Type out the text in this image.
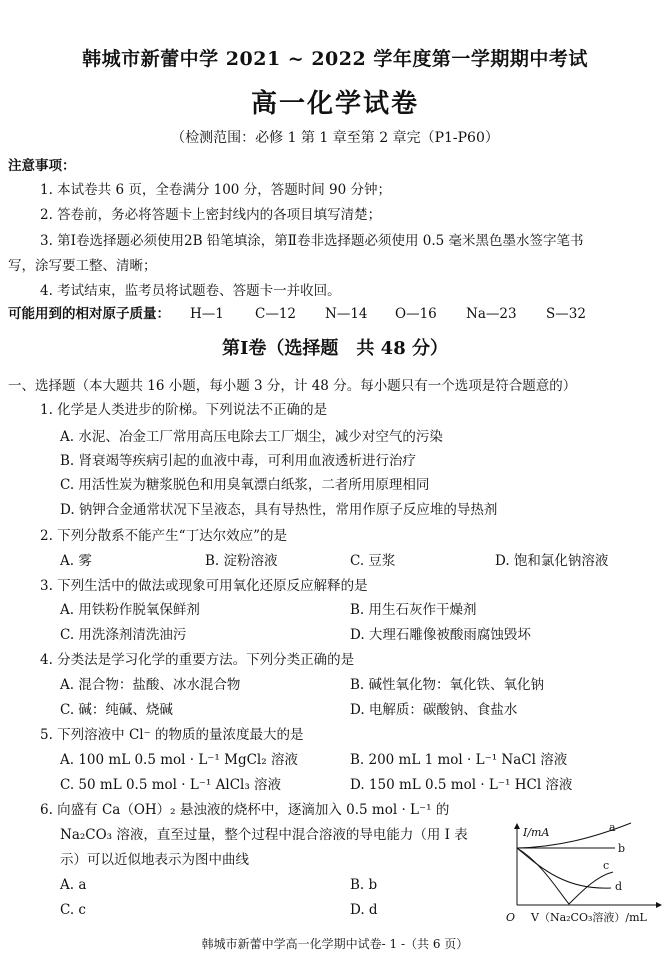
韩城市新蕾中学 2021 ~ 2022 学年度第一学期期中考试
高一化学试卷
（检测范围：必修 1 第 1 章至第 2 章完（P1-P60）
注意事项：
1. 本试卷共 6 页，全卷满分 100 分，答题时间 90 分钟；
2. 答卷前，务必将答题卡上密封线内的各项目填写清楚；
3. 第Ⅰ卷选择题必须使用2B 铅笔填涂，第Ⅱ卷非选择题必须使用 0.5 毫米黑色墨水签字笔书
写，涂写要工整、清晰；
4. 考试结束，监考员将试题卷、答题卡一并收回。
可能用到的相对原子质量： H—1 C—12 N—14 O—16 Na—23 S—32
第Ⅰ卷（选择题　共 48 分）
一、选择题（本大题共 16 小题，每小题 3 分，计 48 分。每小题只有一个选项是符合题意的）
1. 化学是人类进步的阶梯。下列说法不正确的是
A. 水泥、冶金工厂常用高压电除去工厂烟尘，减少对空气的污染
B. 肾衰竭等疾病引起的血液中毒，可利用血液透析进行治疗
C. 用活性炭为糖浆脱色和用臭氧漂白纸浆，二者所用原理相同
D. 钠钾合金通常状况下呈液态，具有导热性，常用作原子反应堆的导热剂
2. 下列分散系不能产生“丁达尔效应”的是
A. 雾	B. 淀粉溶液	C. 豆浆	D. 饱和氯化钠溶液
3. 下列生活中的做法或现象可用氧化还原反应解释的是
A. 用铁粉作脱氧保鲜剂	B. 用生石灰作干燥剂
C. 用洗涤剂清洗油污	D. 大理石雕像被酸雨腐蚀毁坏
4. 分类法是学习化学的重要方法。下列分类正确的是
A. 混合物：盐酸、冰水混合物	B. 碱性氧化物：氧化铁、氧化钠
C. 碱：纯碱、烧碱	D. 电解质：碳酸钠、食盐水
5. 下列溶液中 Cl⁻ 的物质的量浓度最大的是
A. 100 mL 0.5 mol · L⁻¹ MgCl₂ 溶液	B. 200 mL 1 mol · L⁻¹ NaCl 溶液
C. 50 mL 0.5 mol · L⁻¹ AlCl₃ 溶液	D. 150 mL 0.5 mol · L⁻¹ HCl 溶液
6. 向盛有 Ca（OH）₂ 悬浊液的烧杯中，逐滴加入 0.5 mol · L⁻¹ 的
Na₂CO₃ 溶液，直至过量，整个过程中混合溶液的导电能力（用 I 表
示）可以近似地表示为图中曲线
A. a	B. b
C. c	D. d
I/mA
O V（Na₂CO₃溶液）/mL
a
b
c
d
韩城市新蕾中学高一化学期中试卷- 1 -（共 6 页）
